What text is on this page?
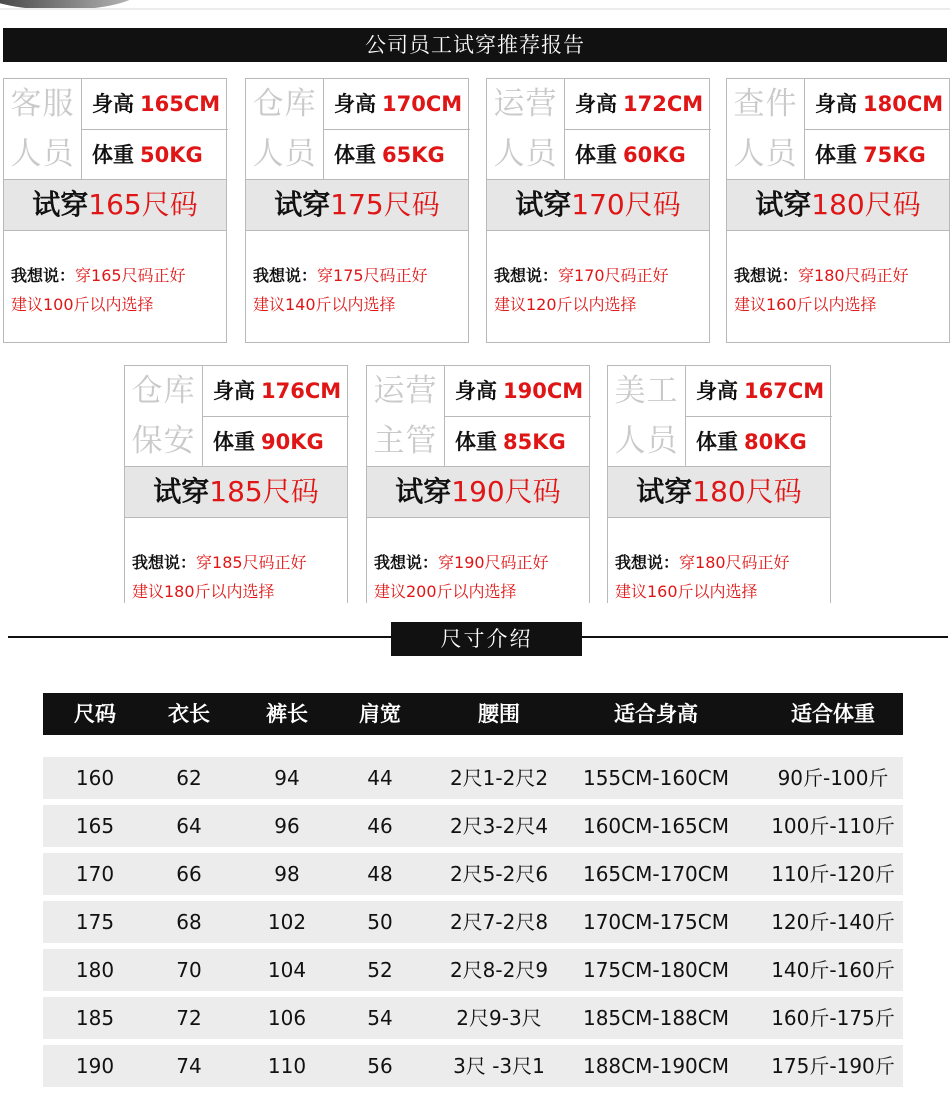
公司员工试穿推荐报告
客服
人员
身高 165CM
体重 50KG
试穿165尺码
我想说：穿165尺码正好
建议100斤以内选择
仓库
人员
身高 170CM
体重 65KG
试穿175尺码
我想说：穿175尺码正好
建议140斤以内选择
运营
人员
身高 172CM
体重 60KG
试穿170尺码
我想说：穿170尺码正好
建议120斤以内选择
查件
人员
身高 180CM
体重 75KG
试穿180尺码
我想说：穿180尺码正好
建议160斤以内选择
仓库
保安
身高 176CM
体重 90KG
试穿185尺码
我想说：穿185尺码正好
建议180斤以内选择
运营
主管
身高 190CM
体重 85KG
试穿190尺码
我想说：穿190尺码正好
建议200斤以内选择
美工
人员
身高 167CM
体重 80KG
试穿180尺码
我想说：穿180尺码正好
建议160斤以内选择
尺寸介绍
尺码	衣长	裤长	肩宽	腰围	适合身高	适合体重
160	62	94	44	2尺1-2尺2	155CM-160CM	90斤-100斤
165	64	96	46	2尺3-2尺4	160CM-165CM	100斤-110斤
170	66	98	48	2尺5-2尺6	165CM-170CM	110斤-120斤
175	68	102	50	2尺7-2尺8	170CM-175CM	120斤-140斤
180	70	104	52	2尺8-2尺9	175CM-180CM	140斤-160斤
185	72	106	54	2尺9-3尺	185CM-188CM	160斤-175斤
190	74	110	56	3尺 -3尺1	188CM-190CM	175斤-190斤
